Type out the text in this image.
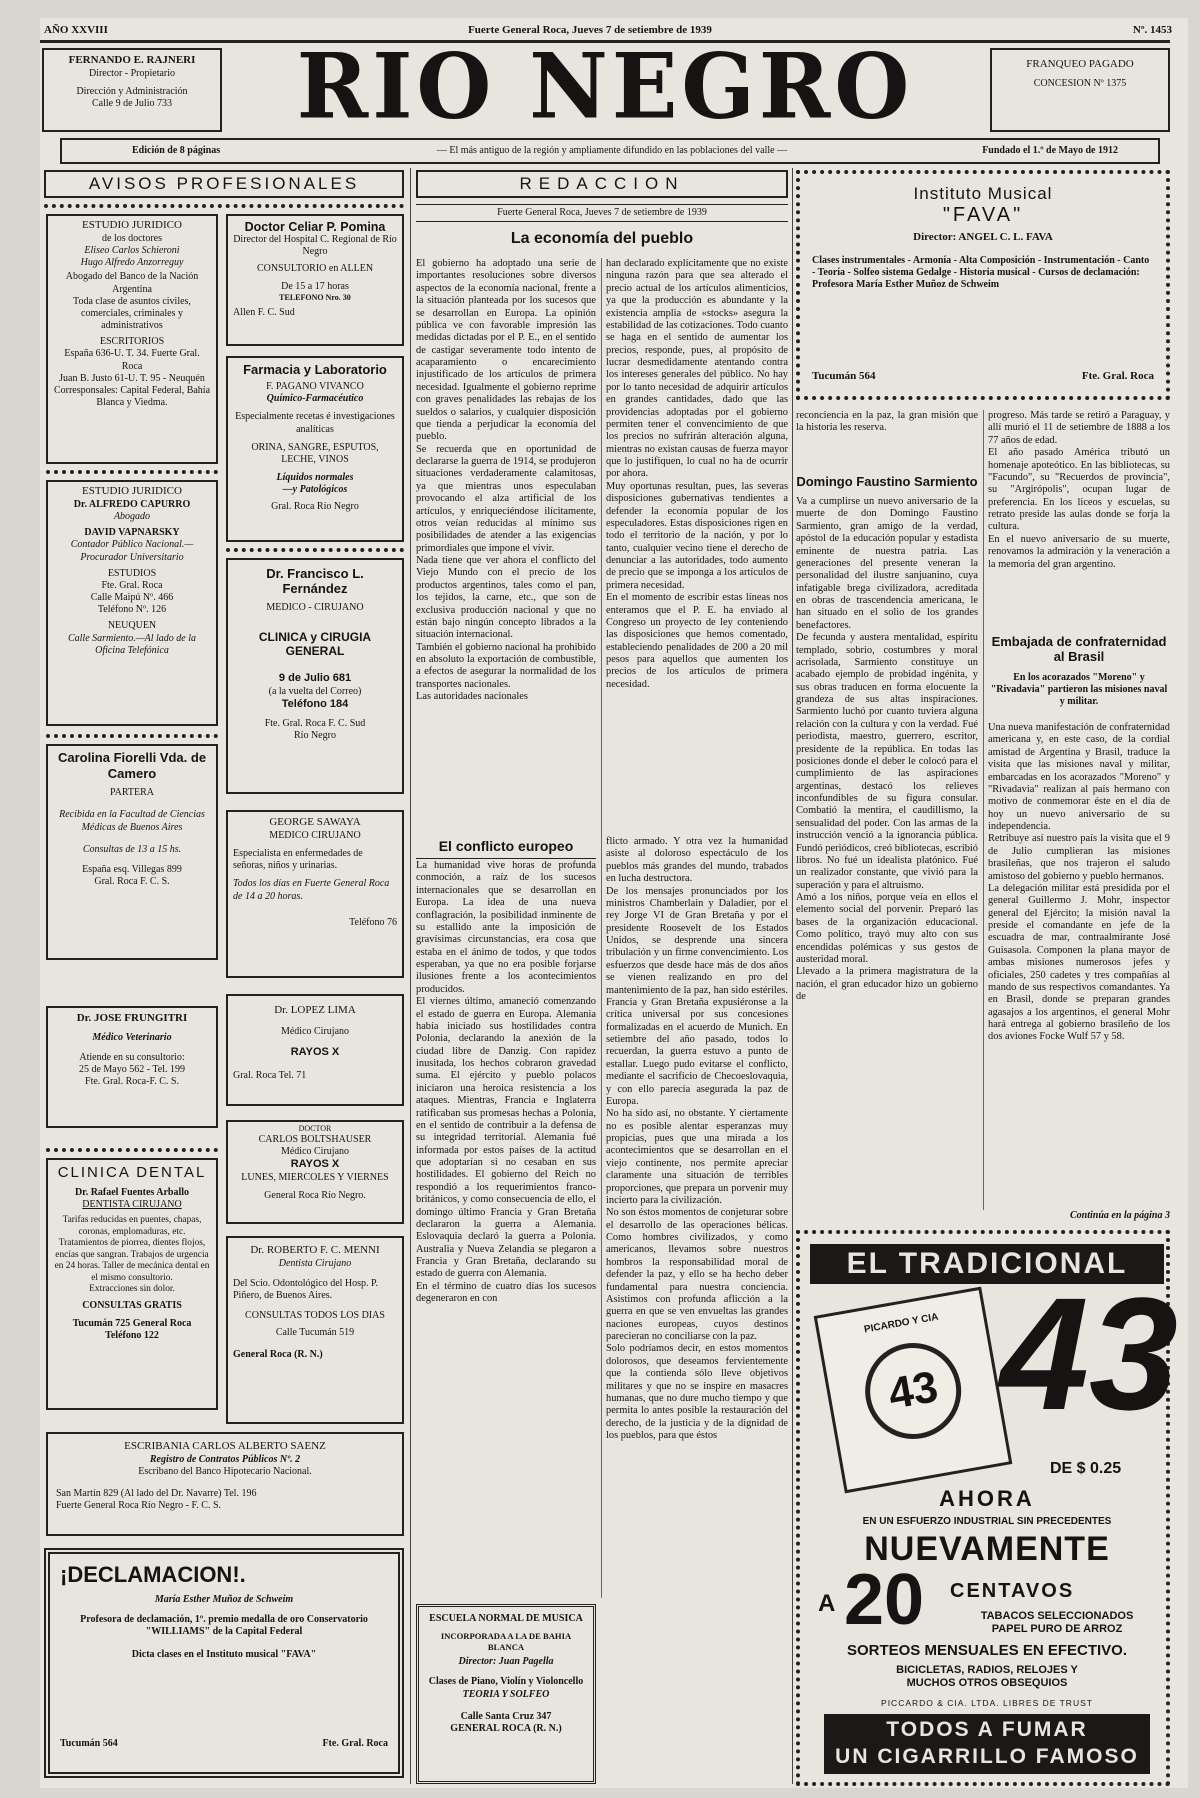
AÑO XXVIII	Fuerte General Roca, Jueves 7 de setiembre de 1939	Nº. 1453
FERNANDO E. RAJNERI
Director - Propietario
Dirección y Administración
Calle 9 de Julio 733	RIO NEGRO	FRANQUEO PAGADO
CONCESION Nº 1375
Edición de 8 páginas	— El más antiguo de la región y ampliamente difundido en las poblaciones del valle —	Fundado el 1.º de Mayo de 1912
AVISOS PROFESIONALES
ESTUDIO JURIDICO
de los doctores
Eliseo Carlos Schieroni
Hugo Alfredo Anzorreguy
Abogado del Banco de la Nación Argentina
Toda clase de asuntos civiles, comerciales, criminales y administrativos
ESCRITORIOS
España 636-U. T. 34. Fuerte Gral. Roca
Juan B. Justo 61-U. T. 95 - Neuquén
Corresponsales: Capital Federal, Bahía Blanca y Viedma.
ESTUDIO JURIDICO
Dr. ALFREDO CAPURRO
Abogado
DAVID VAPNARSKY
Contador Público Nacional.—Procurador Universitario
ESTUDIOS
Fte. Gral. Roca
Calle Maipú Nº. 466
Teléfono Nº. 126
NEUQUEN
Calle Sarmiento.—Al lado de la Oficina Telefónica
Carolina Fiorelli Vda. de Camero
PARTERA
Recibida en la Facultad de Ciencias Médicas de Buenos Aires
Consultas de 13 a 15 hs.
España esq. Villegas 899
Gral. Roca F. C. S.
Dr. JOSE FRUNGITRI
Médico Veterinario
Atiende en su consultorio:
25 de Mayo 562 - Tel. 199
Fte. Gral. Roca-F. C. S.
CLINICA DENTAL
Dr. Rafael Fuentes Arballo
DENTISTA CIRUJANO
Tarifas reducidas en puentes, chapas, coronas, emplomaduras, etc. Tratamientos de piorrea, dientes flojos, encías que sangran. Trabajos de urgencia en 24 horas. Taller de mecánica dental en el mismo consultorio.
Extracciones sin dolor.
CONSULTAS GRATIS
Tucumán 725 General Roca
Teléfono 122
Doctor Celiar P. Pomina
Director del Hospital C. Regional de Río Negro
CONSULTORIO en ALLEN
De 15 a 17 horas
TELEFONO Nro. 30
Allen F. C. Sud
Farmacia y Laboratorio
F. PAGANO VIVANCO
Químico-Farmacéutico
Especialmente recetas é investigaciones analíticas
ORINA, SANGRE, ESPUTOS, LECHE, VINOS
Líquidos normales
—y Patológicos
Gral. Roca Río Negro
Dr. Francisco L. Fernández
MEDICO - CIRUJANO
CLINICA y CIRUGIA GENERAL
9 de Julio 681
(a la vuelta del Correo)
Teléfono 184
Fte. Gral. Roca F. C. Sud
Río Negro
GEORGE SAWAYA
MEDICO CIRUJANO
Especialista en enfermedades de señoras, niños y urinarias.
Todos los días en Fuerte General Roca de 14 a 20 horas.
Teléfono 76
Dr. LOPEZ LIMA
Médico Cirujano
RAYOS X
Gral. Roca Tel. 71
DOCTOR
CARLOS BOLTSHAUSER
Médico Cirujano
RAYOS X
LUNES, MIERCOLES Y VIERNES
General Roca Río Negro.
Dr. ROBERTO F. C. MENNI
Dentista Cirujano
Del Scio. Odontológico del Hosp. P. Piñero, de Buenos Aires.
CONSULTAS TODOS LOS DIAS
Calle Tucumán 519
General Roca (R. N.)
ESCRIBANIA CARLOS ALBERTO SAENZ
Registro de Contratos Públicos Nº. 2
Escribano del Banco Hipotecario Nacional.
San Martín 829 (Al lado del Dr. Navarre) Tel. 196
Fuerte General Roca Río Negro - F. C. S.
¡DECLAMACION!.
María Esther Muñoz de Schweim
Profesora de declamación, 1º. premio medalla de oro Conservatorio "WILLIAMS" de la Capital Federal
Dicta clases en el Instituto musical "FAVA"
Tucumán 564	Fte. Gral. Roca
REDACCION
Fuerte General Roca, Jueves 7 de setiembre de 1939
La economía del pueblo
El gobierno ha adoptado una serie de importantes resoluciones sobre diversos aspectos de la economía nacional, frente a la situación planteada por los sucesos que se desarrollan en Europa. La opinión pública ve con favorable impresión las medidas dictadas por el P. E., en el sentido de castigar severamente todo intento de acaparamiento o encarecimiento injustificado de los artículos de primera necesidad. Igualmente el gobierno reprime con graves penalidades las rebajas de los sueldos o salarios, y cualquier disposición que tienda a perjudicar la economía del pueblo.
Se recuerda que en oportunidad de declararse la guerra de 1914, se produjeron situaciones verdaderamente calamitosas, ya que mientras unos especulaban provocando el alza artificial de los artículos, y enriqueciéndose ilícitamente, otros veían reducidas al mínimo sus posibilidades de atender a las exigencias primordiales que impone el vivir.
Nada tiene que ver ahora el conflicto del Viejo Mundo con el precio de los productos argentinos, tales como el pan, los tejidos, la carne, etc., que son de exclusiva producción nacional y que no están bajo ningún concepto librados a la situación internacional.
También el gobierno nacional ha prohibido en absoluto la exportación de combustible, a efectos de asegurar la normalidad de los transportes nacionales.
Las autoridades nacionales
han declarado explícitamente que no existe ninguna razón para que sea alterado el precio actual de los artículos alimenticios, ya que la producción es abundante y la existencia amplia de «stocks» asegura la estabilidad de las cotizaciones. Todo cuanto se haga en el sentido de aumentar los precios, responde, pues, al propósito de lucrar desmedidamente atentando contra los intereses generales del público. No hay por lo tanto necesidad de adquirir artículos en grandes cantidades, dado que las providencias adoptadas por el gobierno permiten tener el convencimiento de que los precios no sufrirán alteración alguna, mientras no existan causas de fuerza mayor que lo justifiquen, lo cual no ha de ocurrir por ahora.
Muy oportunas resultan, pues, las severas disposiciones gubernativas tendientes a defender la economía popular de los especuladores. Estas disposiciones rigen en todo el territorio de la nación, y por lo tanto, cualquier vecino tiene el derecho de denunciar a las autoridades, todo aumento de precio que se imponga a los artículos de primera necesidad.
En el momento de escribir estas líneas nos enteramos que el P. E. ha enviado al Congreso un proyecto de ley conteniendo las disposiciones que hemos comentado, estableciendo penalidades de 200 a 20 mil pesos para aquellos que aumenten los precios de los artículos de primera necesidad.
El conflicto europeo
La humanidad vive horas de profunda conmoción, a raíz de los sucesos internacionales que se desarrollan en Europa. La idea de una nueva conflagración, la posibilidad inminente de su estallido ante la imposición de gravísimas circunstancias, era cosa que estaba en el ánimo de todos, y que todos esperaban, ya que no era posible forjarse ilusiones frente a los acontecimientos producidos.
El viernes último, amaneció comenzando el estado de guerra en Europa. Alemania había iniciado sus hostilidades contra Polonia, declarando la anexión de la ciudad libre de Danzig. Con rapidez inusitada, los hechos cobraron gravedad suma. El ejército y pueblo polacos iniciaron una heroica resistencia a los ataques. Mientras, Francia e Inglaterra ratificaban sus promesas hechas a Polonia, en el sentido de contribuir a la defensa de su integridad territorial. Alemania fué informada por estos países de la actitud que adoptarían si no cesaban en sus hostilidades. El gobierno del Reich no respondió a los requerimientos franco-británicos, y como consecuencia de ello, el domingo último Francia y Gran Bretaña declararon la guerra a Alemania. Eslovaquia declaró la guerra a Polonia. Australia y Nueva Zelandia se plegaron a Francia y Gran Bretaña, declarando su estado de guerra con Alemania.
En el término de cuatro días los sucesos degeneraron en con
flicto armado. Y otra vez la humanidad asiste al doloroso espectáculo de los pueblos más grandes del mundo, trabados en lucha destructora.
De los mensajes pronunciados por los ministros Chamberlain y Daladier, por el rey Jorge VI de Gran Bretaña y por el presidente Roosevelt de los Estados Unidos, se desprende una sincera tribulación y un firme convencimiento. Los esfuerzos que desde hace más de dos años se vienen realizando en pro del mantenimiento de la paz, han sido estériles. Francia y Gran Bretaña expusiéronse a la crítica universal por sus concesiones formalizadas en el acuerdo de Munich. En setiembre del año pasado, todos lo recuerdan, la guerra estuvo a punto de estallar. Luego pudo evitarse el conflicto, mediante el sacrificio de Checoeslovaquia, y con ello parecía asegurada la paz de Europa.
No ha sido así, no obstante. Y ciertamente no es posible alentar esperanzas muy propicias, pues que una mirada a los acontecimientos que se desarrollan en el viejo continente, nos permite apreciar claramente una situación de terribles proporciones, que prepara un porvenir muy incierto para la civilización.
No son éstos momentos de conjeturar sobre el desarrollo de las operaciones bélicas. Como hombres civilizados, y como americanos, llevamos sobre nuestros hombros la responsabilidad moral de defender la paz, y ello se ha hecho deber fundamental para nuestra conciencia. Asistimos con profunda aflicción a la guerra en que se ven envueltas las grandes naciones europeas, cuyos destinos parecieran no conciliarse con la paz.
Solo podríamos decir, en estos momentos dolorosos, que deseamos fervientemente que la contienda sólo lleve objetivos militares y que no se inspire en masacres humanas, que no dure mucho tiempo y que permita lo antes posible la restauración del derecho, de la justicia y de la dignidad de los pueblos, para que éstos
ESCUELA NORMAL DE MUSICA
INCORPORADA A LA DE BAHIA BLANCA
Director: Juan Pagella
Clases de Piano, Violín y Violoncello
TEORIA Y SOLFEO
Calle Santa Cruz 347
GENERAL ROCA (R. N.)
Instituto Musical
"FAVA"
Director: ANGEL C. L. FAVA
Clases instrumentales - Armonía - Alta Composición - Instrumentación - Canto - Teoría - Solfeo sistema Gedalge - Historia musical - Cursos de declamación: Profesora María Esther Muñoz de Schweim
Tucumán 564	Fte. Gral. Roca
reconciencia en la paz, la gran misión que la historia les reserva.
Domingo Faustino Sarmiento
Va a cumplirse un nuevo aniversario de la muerte de don Domingo Faustino Sarmiento, gran amigo de la verdad, apóstol de la educación popular y estadista eminente de nuestra patria. Las generaciones del presente veneran la personalidad del ilustre sanjuanino, cuya infatigable brega civilizadora, acreditada en obras de trascendencia americana, le han situado en el solio de los grandes benefactores.
De fecunda y austera mentalidad, espíritu templado, sobrio, costumbres y moral acrisolada, Sarmiento constituye un acabado ejemplo de probidad ingénita, y sus obras traducen en forma elocuente la grandeza de sus altas inspiraciones. Sarmiento luchó por cuanto tuviera alguna relación con la cultura y con la verdad. Fué periodista, maestro, guerrero, escritor, presidente de la república. En todas las posiciones donde el deber le colocó para el cumplimiento de las aspiraciones argentinas, destacó los relieves inconfundibles de su figura consular. Combatió la mentira, el caudillismo, la sensualidad del poder. Con las armas de la instrucción venció a la ignorancia pública. Fundó periódicos, creó bibliotecas, escribió libros. No fué un idealista platónico. Fué un realizador constante, que vivió para la superación y para el altruismo.
Amó a los niños, porque veía en ellos el elemento social del porvenir. Preparó las bases de la organización educacional. Como político, trayó muy alto con sus encendidas polémicas y sus gestos de austeridad moral.
Llevado a la primera magistratura de la nación, el gran educador hizo un gobierno de
progreso. Más tarde se retiró a Paraguay, y allí murió el 11 de setiembre de 1888 a los 77 años de edad.
El año pasado América tributó un homenaje apoteótico. En las bibliotecas, su "Facundo", su "Recuerdos de provincia", su "Argirópolis", ocupan lugar de preferencia. En los liceos y escuelas, su retrato preside las aulas donde se forja la cultura.
En el nuevo aniversario de su muerte, renovamos la admiración y la veneración a la memoria del gran argentino.
Embajada de confraternidad al Brasil
En los acorazados "Moreno" y "Rivadavia" partieron las misiones naval y militar.
Una nueva manifestación de confraternidad americana y, en este caso, de la cordial amistad de Argentina y Brasil, traduce la visita que las misiones naval y militar, embarcadas en los acorazados "Moreno" y "Rivadavia" realizan al país hermano con motivo de conmemorar éste en el día de hoy un nuevo aniversario de su independencia.
Retribuye así nuestro país la visita que el 9 de Julio cumplieran las misiones brasileñas, que nos trajeron el saludo amistoso del gobierno y pueblo hermanos.
La delegación militar está presidida por el general Guillermo J. Mohr, inspector general del Ejército; la misión naval la preside el comandante en jefe de la escuadra de mar, contraalmirante José Guisasola. Componen la plana mayor de ambas misiones numerosos jefes y oficiales, 250 cadetes y tres compañías al mando de sus respectivos comandantes. Ya en Brasil, donde se preparan grandes agasajos a los argentinos, el general Mohr hará entrega al gobierno brasileño de los dos aviones Focke Wulf 57 y 58.
Continúa en la página 3
EL TRADICIONAL
PICARDO Y CIA
43 43
DE $ 0.25
AHORA
EN UN ESFUERZO INDUSTRIAL SIN PRECEDENTES
NUEVAMENTE
A 20 CENTAVOS
TABACOS SELECCIONADOS
PAPEL PURO DE ARROZ
SORTEOS MENSUALES EN EFECTIVO.
BICICLETAS, RADIOS, RELOJES Y
MUCHOS OTROS OBSEQUIOS
PICCARDO & CIA. LTDA. LIBRES DE TRUST
TODOS A FUMAR
UN CIGARRILLO FAMOSO
